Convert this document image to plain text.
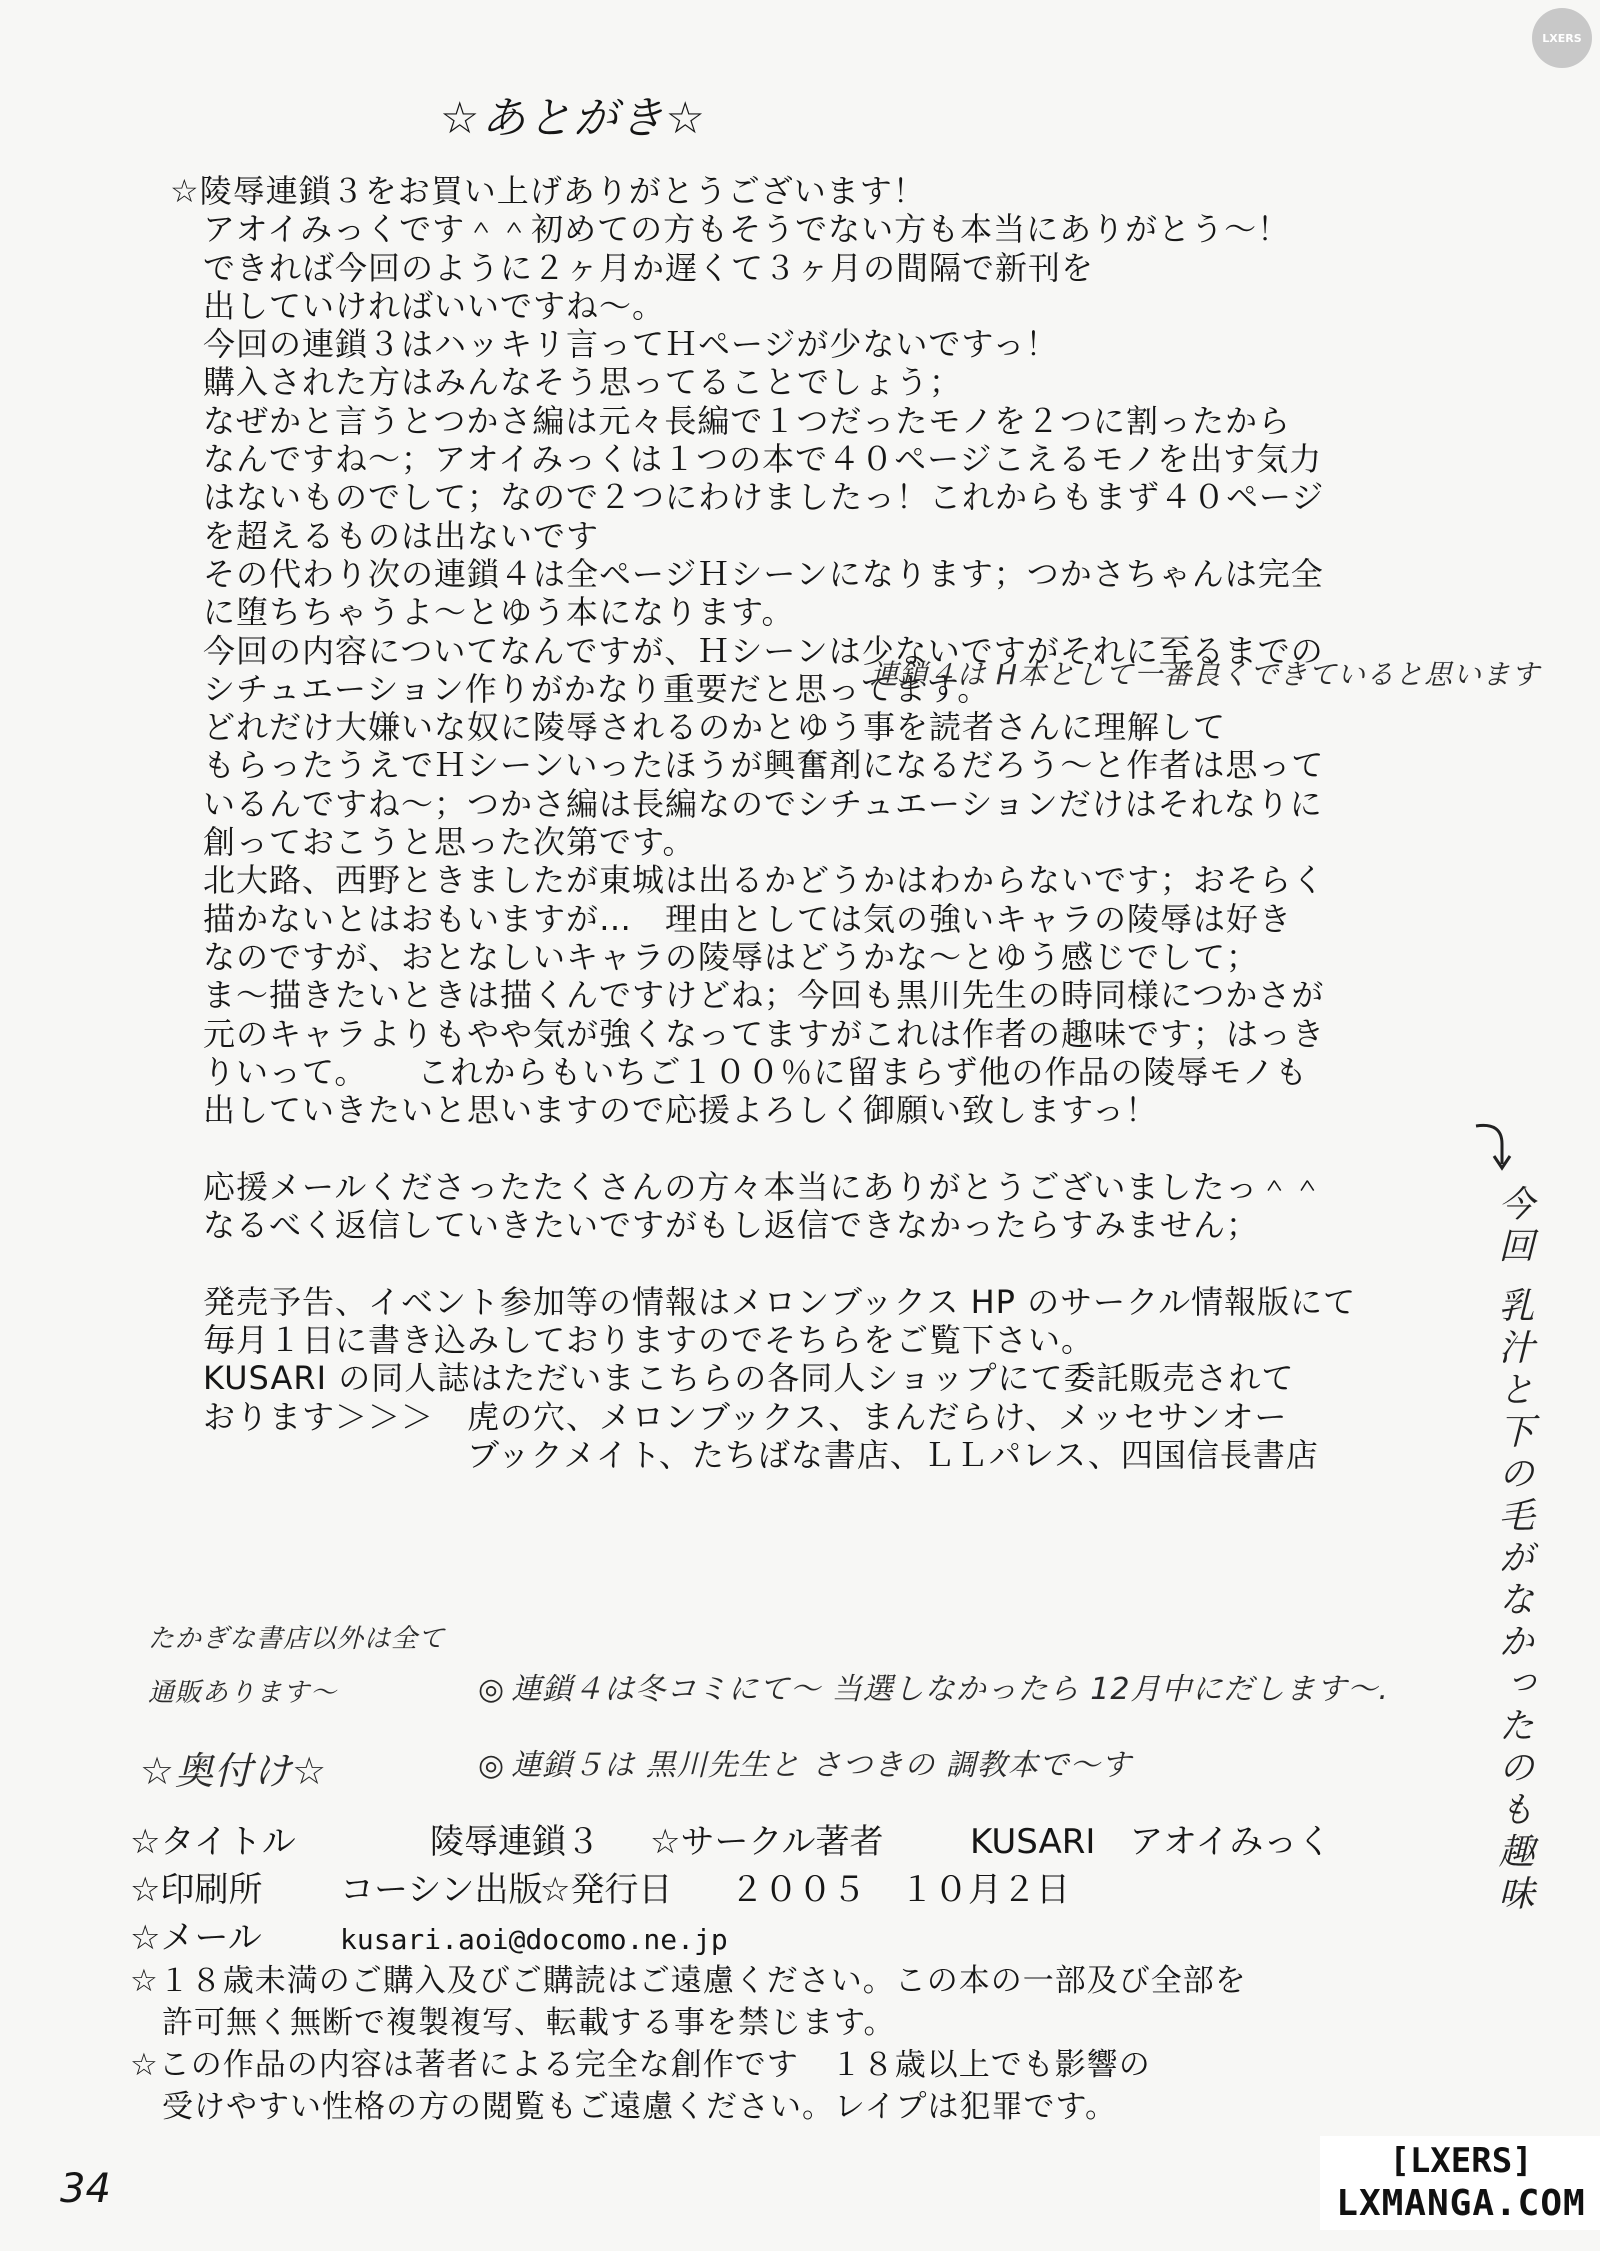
LXERS
☆あとがき☆
☆陵辱連鎖３をお買い上げありがとうございます！
　アオイみっくです＾＾初めての方もそうでない方も本当にありがとう～！
　できれば今回のように２ヶ月か遅くて３ヶ月の間隔で新刊を
　出していければいいですね～。
　今回の連鎖３はハッキリ言ってＨページが少ないですっ！
　購入された方はみんなそう思ってることでしょう；
　なぜかと言うとつかさ編は元々長編で１つだったモノを２つに割ったから
　なんですね～；アオイみっくは１つの本で４０ページこえるモノを出す気力
　はないものでして；なので２つにわけましたっ！これからもまず４０ページ
　を超えるものは出ないです
　その代わり次の連鎖４は全ページＨシーンになります；つかさちゃんは完全
　に堕ちちゃうよ～とゆう本になります。
　今回の内容についてなんですが、Ｈシーンは少ないですがそれに至るまでの
　シチュエーション作りがかなり重要だと思ってます。
　どれだけ大嫌いな奴に陵辱されるのかとゆう事を読者さんに理解して
　もらったうえでＨシーンいったほうが興奮剤になるだろう～と作者は思って
　いるんですね～；つかさ編は長編なのでシチュエーションだけはそれなりに
　創っておこうと思った次第です。
　北大路、西野ときましたが東城は出るかどうかはわからないです；おそらく
　描かないとはおもいますが…　理由としては気の強いキャラの陵辱は好き
　なのですが、おとなしいキャラの陵辱はどうかな～とゆう感じでして；
　ま～描きたいときは描くんですけどね；今回も黒川先生の時同様につかさが
　元のキャラよりもやや気が強くなってますがこれは作者の趣味です；はっき
　りいって。　　これからもいちご１００％に留まらず他の作品の陵辱モノも
　出していきたいと思いますので応援よろしく御願い致しますっ！
　応援メールくださったたくさんの方々本当にありがとうございましたっ＾＾
　なるべく返信していきたいですがもし返信できなかったらすみません；
　発売予告、イベント参加等の情報はメロンブックス HP のサークル情報版にて
　毎月１日に書き込みしておりますのでそちらをご覧下さい。
　KUSARI の同人誌はただいまこちらの各同人ショップにて委託販売されて
　おります＞＞＞　虎の穴、メロンブックス、まんだらけ、メッセサンオー
　　　　　　　　　ブックメイト、たちばな書店、ＬＬパレス、四国信長書店
連鎖４は H本として一番良くできていると思います
今回 乳汁と下の毛がなかったのも趣味
たかぎな書店以外は全て
通販あります～
☆奥付け☆
◎ 連鎖４は冬コミにて～ 当選しなかったら 12月中にだします～.
◎ 連鎖５は 黒川先生と さつきの 調教本で～す
☆タイトル	陵辱連鎖３ ☆サークル著者	KUSARI　アオイみっく
☆印刷所 コーシン出版☆発行日 ２００５　１０月２日
☆メール	kusari.aoi@docomo.ne.jp
☆１８歳未満のご購入及びご購読はご遠慮ください。この本の一部及び全部を
　許可無く無断で複製複写、転載する事を禁じます。
☆この作品の内容は著者による完全な創作です　１８歳以上でも影響の
　受けやすい性格の方の閲覧もご遠慮ください。レイプは犯罪です。
34
[LXERS]
LXMANGA.COM
